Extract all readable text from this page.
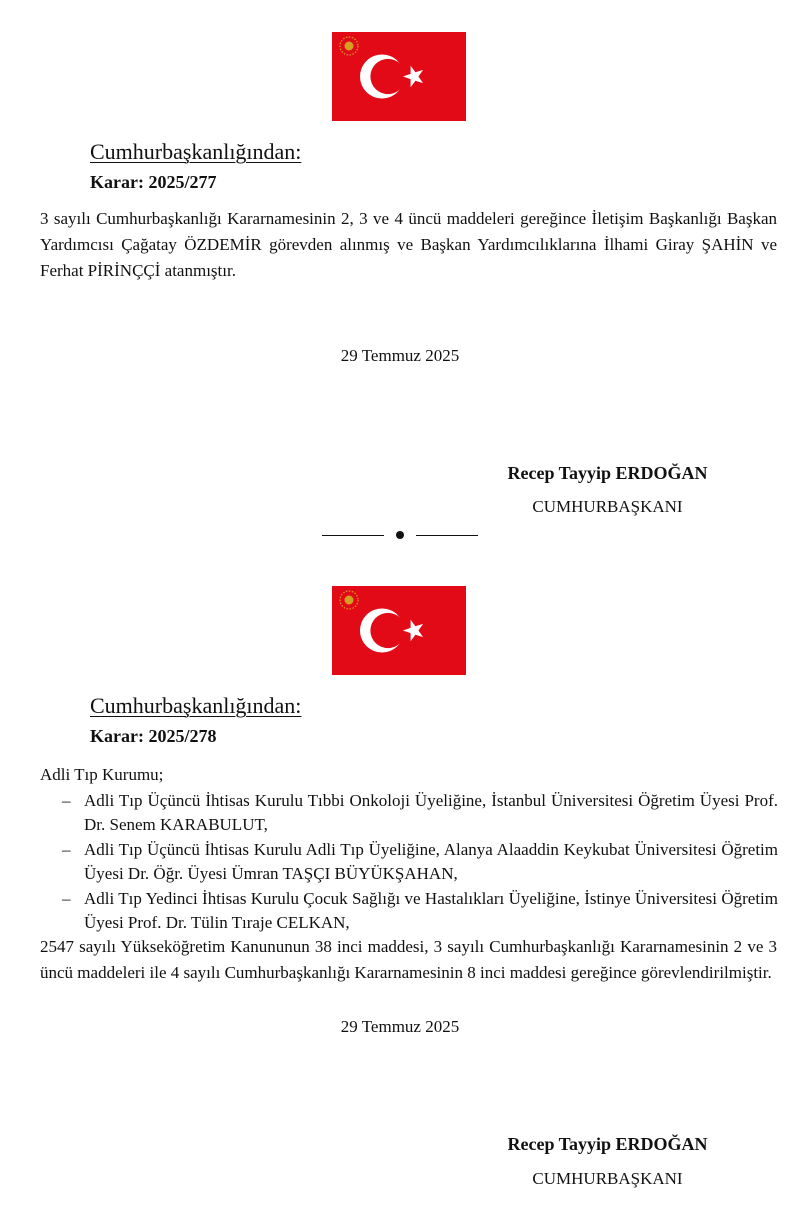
Cumhurbaşkanlığından:
Karar: 2025/277

3 sayılı Cumhurbaşkanlığı Kararnamesinin 2, 3 ve 4 üncü maddeleri gereğince İletişim Başkanlığı Başkan Yardımcısı Çağatay ÖZDEMİR görevden alınmış ve Başkan Yardımcılıklarına İlhami Giray ŞAHİN ve Ferhat PİRİNÇÇİ atanmıştır.

29 Temmuz 2025
Recep Tayyip ERDOĞAN
CUMHURBAŞKANI
Cumhurbaşkanlığından:
Karar: 2025/278
Adli Tıp Kurumu;
– Adli Tıp Üçüncü İhtisas Kurulu Tıbbi Onkoloji Üyeliğine, İstanbul Üniversitesi Öğretim Üyesi Prof. Dr. Senem KARABULUT,
– Adli Tıp Üçüncü İhtisas Kurulu Adli Tıp Üyeliğine, Alanya Alaaddin Keykubat Üniversitesi Öğretim Üyesi Dr. Öğr. Üyesi Ümran TAŞÇI BÜYÜKŞAHAN,
– Adli Tıp Yedinci İhtisas Kurulu Çocuk Sağlığı ve Hastalıkları Üyeliğine, İstinye Üniversitesi Öğretim Üyesi Prof. Dr. Tülin Tıraje CELKAN,

2547 sayılı Yükseköğretim Kanununun 38 inci maddesi, 3 sayılı Cumhurbaşkanlığı Kararnamesinin 2 ve 3 üncü maddeleri ile 4 sayılı Cumhurbaşkanlığı Kararnamesinin 8 inci maddesi gereğince görevlendirilmiştir.

29 Temmuz 2025
Recep Tayyip ERDOĞAN
CUMHURBAŞKANI
